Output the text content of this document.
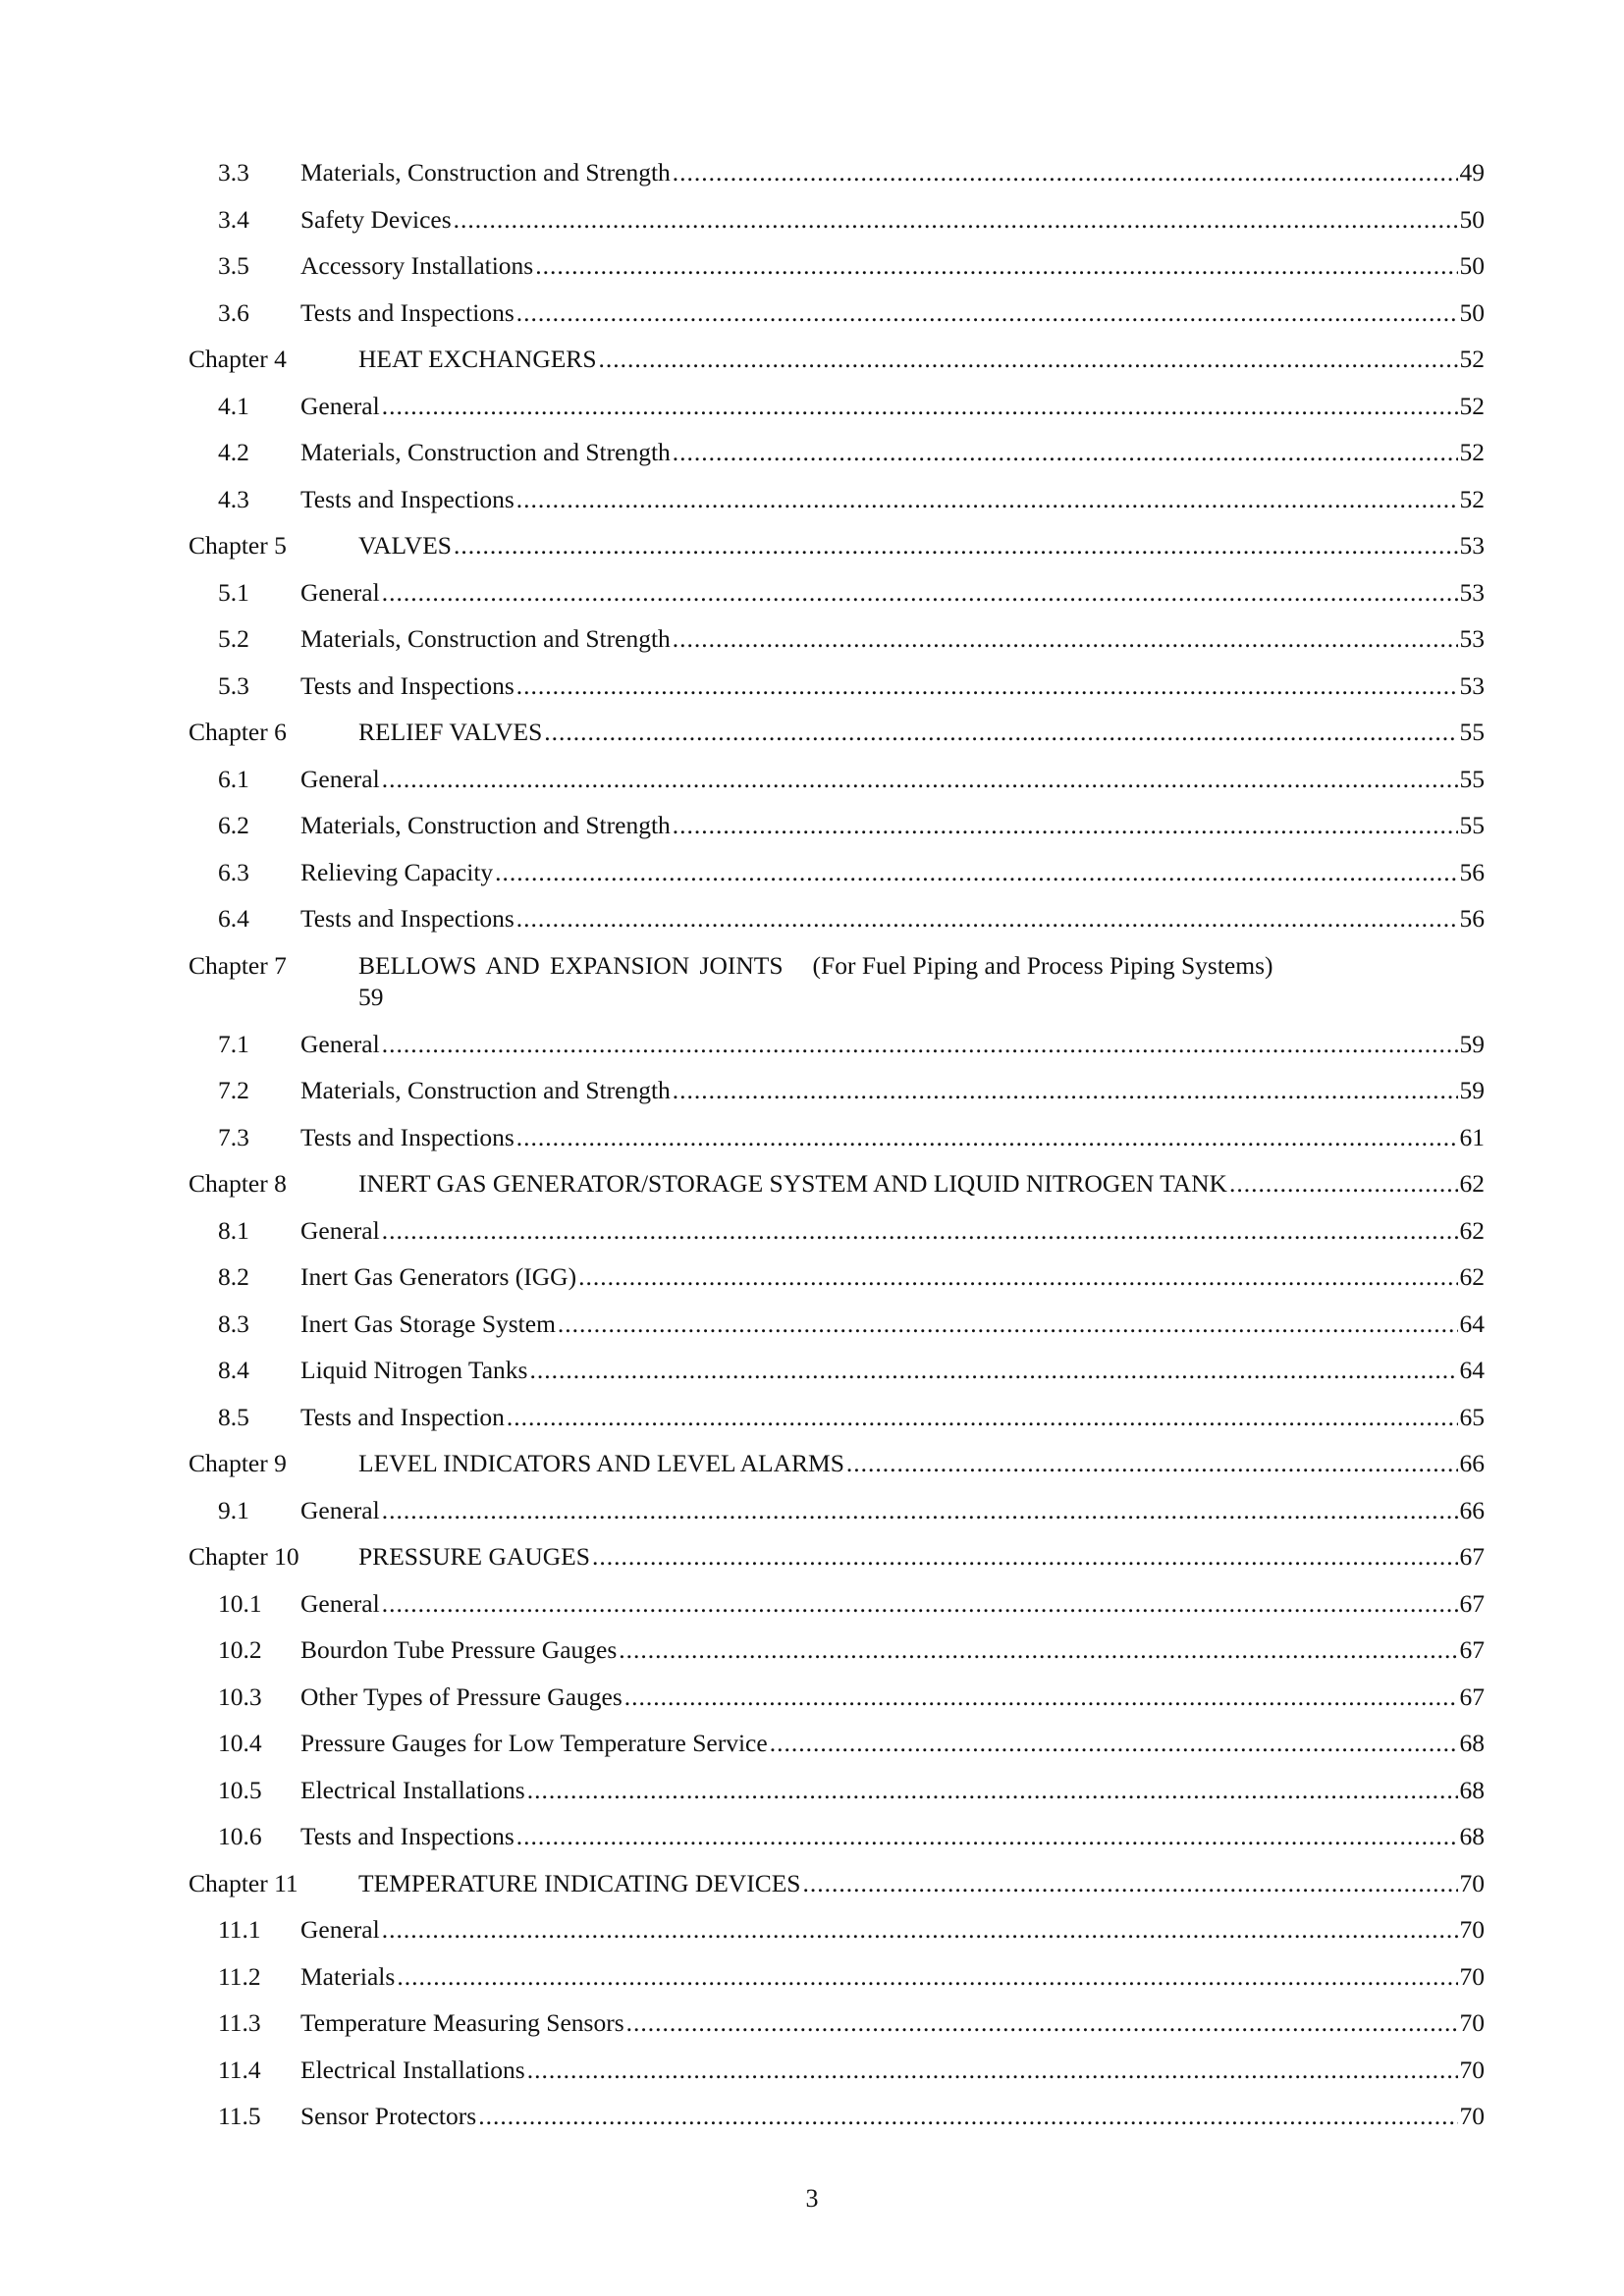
3.3 Materials, Construction and Strength .....	49
3.4 Safety Devices .....	50
3.5 Accessory Installations .....	50
3.6 Tests and Inspections .....	50
Chapter 4	HEAT EXCHANGERS .....	52
4.1 General .....	52
4.2 Materials, Construction and Strength .....	52
4.3 Tests and Inspections .....	52
Chapter 5	VALVES .....	53
5.1 General .....	53
5.2 Materials, Construction and Strength .....	53
5.3 Tests and Inspections .....	53
Chapter 6	RELIEF VALVES .....	55
6.1 General .....	55
6.2 Materials, Construction and Strength .....	55
6.3 Relieving Capacity .....	56
6.4 Tests and Inspections .....	56
Chapter 7	BELLOWS AND EXPANSION JOINTS (For Fuel Piping and Process Piping Systems)
59
7.1 General .....	59
7.2 Materials, Construction and Strength .....	59
7.3 Tests and Inspections .....	61
Chapter 8	INERT GAS GENERATOR/STORAGE SYSTEM AND LIQUID NITROGEN TANK .....	62
8.1 General .....	62
8.2 Inert Gas Generators (IGG) .....	62
8.3 Inert Gas Storage System .....	64
8.4 Liquid Nitrogen Tanks .....	64
8.5 Tests and Inspection .....	65
Chapter 9	LEVEL INDICATORS AND LEVEL ALARMS .....	66
9.1 General .....	66
Chapter 10 PRESSURE GAUGES .....	67
10.1 General .....	67
10.2 Bourdon Tube Pressure Gauges .....	67
10.3 Other Types of Pressure Gauges .....	67
10.4 Pressure Gauges for Low Temperature Service .....	68
10.5 Electrical Installations .....	68
10.6 Tests and Inspections .....	68
Chapter 11 TEMPERATURE INDICATING DEVICES .....	70
11.1 General .....	70
11.2 Materials .....	70
11.3 Temperature Measuring Sensors .....	70
11.4 Electrical Installations .....	70
11.5 Sensor Protectors .....	70
3
